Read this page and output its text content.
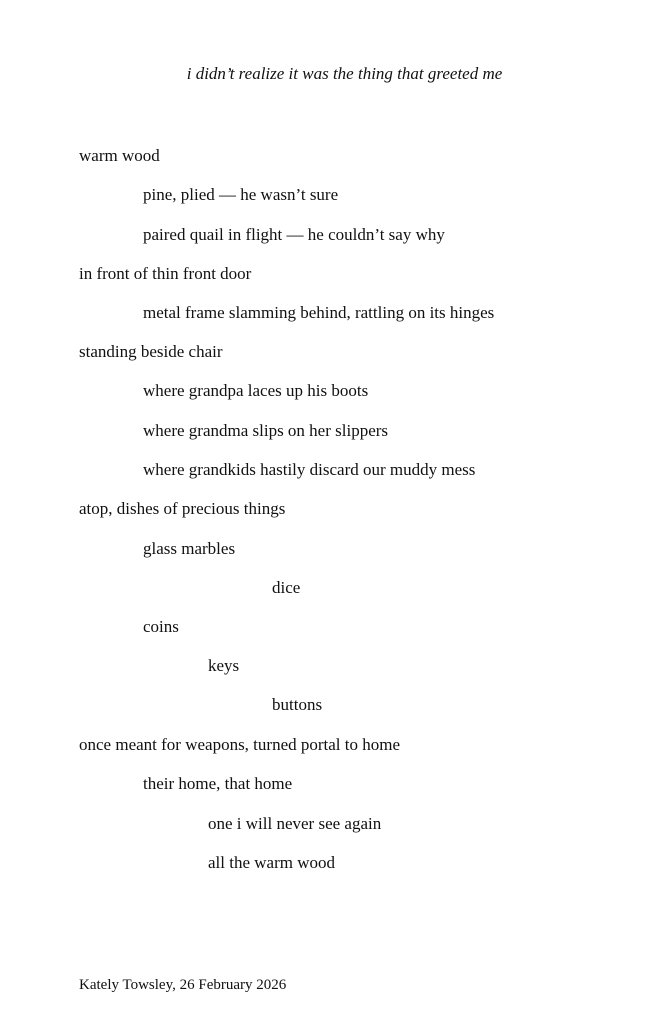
i didn’t realize it was the thing that greeted me
warm wood
pine, plied — he wasn’t sure
paired quail in flight — he couldn’t say why
in front of thin front door
metal frame slamming behind, rattling on its hinges
standing beside chair
where grandpa laces up his boots
where grandma slips on her slippers
where grandkids hastily discard our muddy mess
atop, dishes of precious things
glass marbles
dice
coins
keys
buttons
once meant for weapons, turned portal to home
their home, that home
one i will never see again
all the warm wood
Kately Towsley, 26 February 2026
